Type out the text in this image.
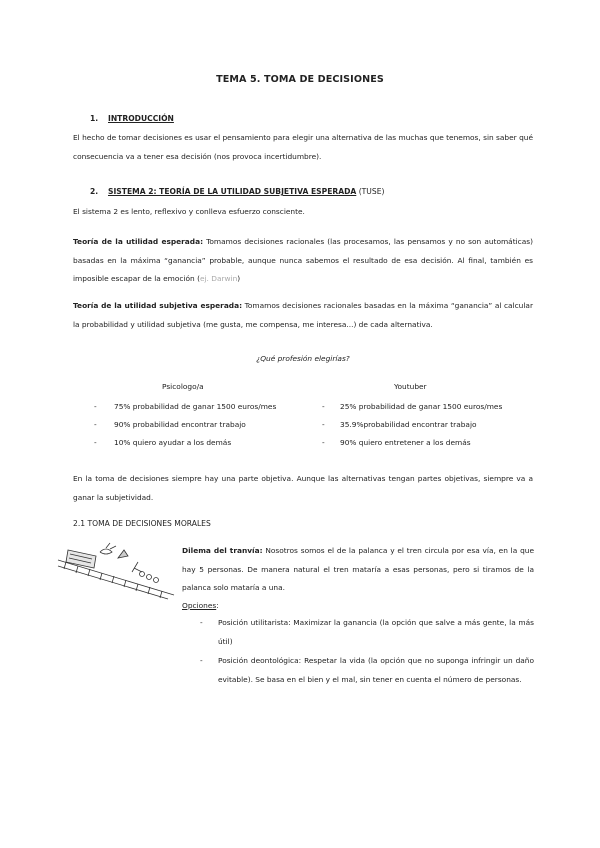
TEMA 5. TOMA DE DECISIONES
1. INTRODUCCIÓN
El hecho de tomar decisiones es usar el pensamiento para elegir una alternativa de las muchas que tenemos, sin saber qué consecuencia va a tener esa decisión (nos provoca incertidumbre).
2. SISTEMA 2: TEORÍA DE LA UTILIDAD SUBJETIVA ESPERADA (TUSE)
El sistema 2 es lento, reflexivo y conlleva esfuerzo consciente.
Teoría de la utilidad esperada: Tomamos decisiones racionales (las procesamos, las pensamos y no son automáticas) basadas en la máxima “ganancia” probable, aunque nunca sabemos el resultado de esa decisión. Al final, también es imposible escapar de la emoción (ej. Darwin)
Teoría de la utilidad subjetiva esperada: Tomamos decisiones racionales basadas en la máxima “ganancia” al calcular la probabilidad y utilidad subjetiva (me gusta, me compensa, me interesa...) de cada alternativa.
¿Qué profesión elegirías?
Psicologo/a	Youtuber
- 75% probabilidad de ganar 1500 euros/mes
- 90% probabilidad encontrar trabajo
- 10% quiero ayudar a los demás
- 25% probabilidad de ganar 1500 euros/mes
- 35.9%probabilidad encontrar trabajo
- 90% quiero entretener a los demás
En la toma de decisiones siempre hay una parte objetiva. Aunque las alternativas tengan partes objetivas, siempre va a ganar la subjetividad.
2.1 TOMA DE DECISIONES MORALES
Dilema del tranvía: Nosotros somos el de la palanca y el tren circula por esa vía, en la que hay 5 personas. De manera natural el tren mataría a esas personas, pero si tiramos de la palanca solo mataría a una.
Opciones:
- Posición utilitarista: Maximizar la ganancia (la opción que salve a más gente, la más útil)
- Posición deontológica: Respetar la vida (la opción que no suponga infringir un daño evitable). Se basa en el bien y el mal, sin tener en cuenta el número de personas.
